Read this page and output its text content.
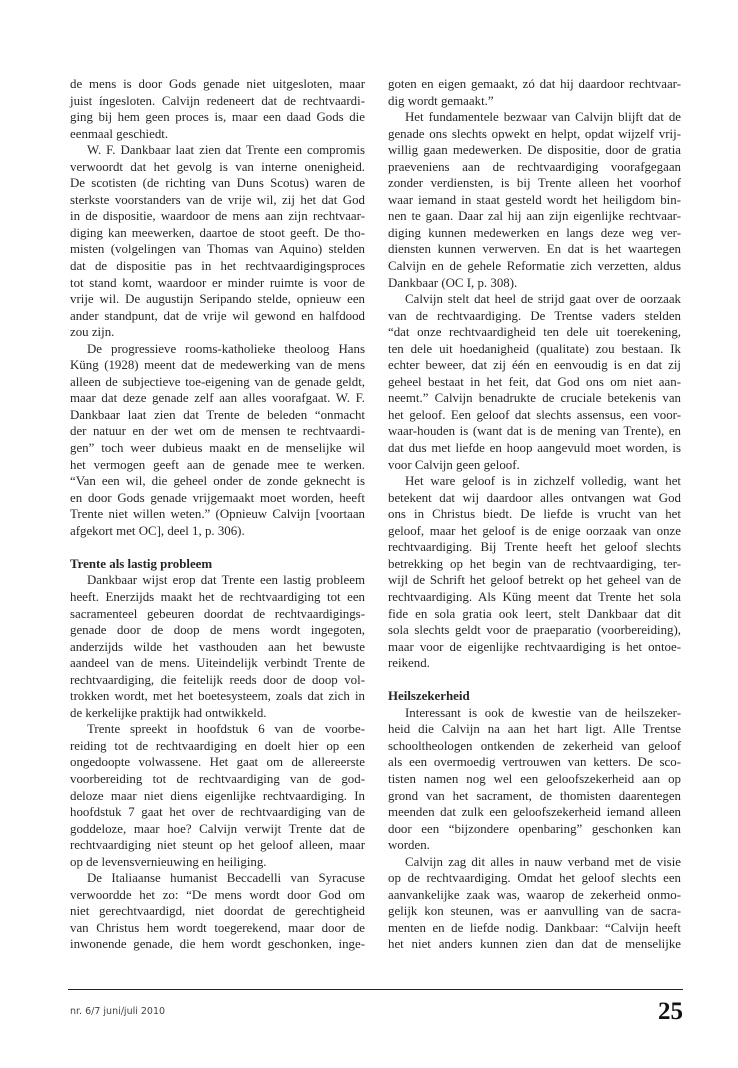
de mens is door Gods genade niet uitgesloten, maar
juist íngesloten. Calvijn redeneert dat de rechtvaardi-
ging bij hem geen proces is, maar een daad Gods die
eenmaal geschiedt.
W. F. Dankbaar laat zien dat Trente een compromis
verwoordt dat het gevolg is van interne onenigheid.
De scotisten (de richting van Duns Scotus) waren de
sterkste voorstanders van de vrije wil, zij het dat God
in de dispositie, waardoor de mens aan zijn rechtvaar-
diging kan meewerken, daartoe de stoot geeft. De tho-
misten (volgelingen van Thomas van Aquino) stelden
dat de dispositie pas in het rechtvaardigingsproces
tot stand komt, waardoor er minder ruimte is voor de
vrije wil. De augustijn Seripando stelde, opnieuw een
ander standpunt, dat de vrije wil gewond en halfdood
zou zijn.
De progressieve rooms-katholieke theoloog Hans
Küng (1928) meent dat de medewerking van de mens
alleen de subjectieve toe-eigening van de genade geldt,
maar dat deze genade zelf aan alles voorafgaat. W. F.
Dankbaar laat zien dat Trente de beleden “onmacht
der natuur en der wet om de mensen te rechtvaardi-
gen” toch weer dubieus maakt en de menselijke wil
het vermogen geeft aan de genade mee te werken.
“Van een wil, die geheel onder de zonde geknecht is
en door Gods genade vrijgemaakt moet worden, heeft
Trente niet willen weten.” (Opnieuw Calvijn [voortaan
afgekort met OC], deel 1, p. 306).
Trente als lastig probleem
Dankbaar wijst erop dat Trente een lastig probleem
heeft. Enerzijds maakt het de rechtvaardiging tot een
sacramenteel gebeuren doordat de rechtvaardigings-
genade door de doop de mens wordt ingegoten,
anderzijds wilde het vasthouden aan het bewuste
aandeel van de mens. Uiteindelijk verbindt Trente de
rechtvaardiging, die feitelijk reeds door de doop vol-
trokken wordt, met het boetesysteem, zoals dat zich in
de kerkelijke praktijk had ontwikkeld.
Trente spreekt in hoofdstuk 6 van de voorbe-
reiding tot de rechtvaardiging en doelt hier op een
ongedoopte volwassene. Het gaat om de allereerste
voorbereiding tot de rechtvaardiging van de god-
deloze maar niet diens eigenlijke rechtvaardiging. In
hoofdstuk 7 gaat het over de rechtvaardiging van de
goddeloze, maar hoe? Calvijn verwijt Trente dat de
rechtvaardiging niet steunt op het geloof alleen, maar
op de levensvernieuwing en heiliging.
De Italiaanse humanist Beccadelli van Syracuse
verwoordde het zo: “De mens wordt door God om
niet gerechtvaardigd, niet doordat de gerechtigheid
van Christus hem wordt toegerekend, maar door de
inwonende genade, die hem wordt geschonken, inge-
goten en eigen gemaakt, zó dat hij daardoor rechtvaar-
dig wordt gemaakt.”
Het fundamentele bezwaar van Calvijn blijft dat de
genade ons slechts opwekt en helpt, opdat wijzelf vrij-
willig gaan medewerken. De dispositie, door de gratia
praeveniens aan de rechtvaardiging voorafgegaan
zonder verdiensten, is bij Trente alleen het voorhof
waar iemand in staat gesteld wordt het heiligdom bin-
nen te gaan. Daar zal hij aan zijn eigenlijke rechtvaar-
diging kunnen medewerken en langs deze weg ver-
diensten kunnen verwerven. En dat is het waartegen
Calvijn en de gehele Reformatie zich verzetten, aldus
Dankbaar (OC I, p. 308).
Calvijn stelt dat heel de strijd gaat over de oorzaak
van de rechtvaardiging. De Trentse vaders stelden
“dat onze rechtvaardigheid ten dele uit toerekening,
ten dele uit hoedanigheid (qualitate) zou bestaan. Ik
echter beweer, dat zij één en eenvoudig is en dat zij
geheel bestaat in het feit, dat God ons om niet aan-
neemt.” Calvijn benadrukte de cruciale betekenis van
het geloof. Een geloof dat slechts assensus, een voor-
waar-houden is (want dat is de mening van Trente), en
dat dus met liefde en hoop aangevuld moet worden, is
voor Calvijn geen geloof.
Het ware geloof is in zichzelf volledig, want het
betekent dat wij daardoor alles ontvangen wat God
ons in Christus biedt. De liefde is vrucht van het
geloof, maar het geloof is de enige oorzaak van onze
rechtvaardiging. Bij Trente heeft het geloof slechts
betrekking op het begin van de rechtvaardiging, ter-
wijl de Schrift het geloof betrekt op het geheel van de
rechtvaardiging. Als Küng meent dat Trente het sola
fide en sola gratia ook leert, stelt Dankbaar dat dit
sola slechts geldt voor de praeparatio (voorbereiding),
maar voor de eigenlijke rechtvaardiging is het ontoe-
reikend.
Heilszekerheid
Interessant is ook de kwestie van de heilszeker-
heid die Calvijn na aan het hart ligt. Alle Trentse
schooltheologen ontkenden de zekerheid van geloof
als een overmoedig vertrouwen van ketters. De sco-
tisten namen nog wel een geloofszekerheid aan op
grond van het sacrament, de thomisten daarentegen
meenden dat zulk een geloofszekerheid iemand alleen
door een “bijzondere openbaring” geschonken kan
worden.
Calvijn zag dit alles in nauw verband met de visie
op de rechtvaardiging. Omdat het geloof slechts een
aanvankelijke zaak was, waarop de zekerheid onmo-
gelijk kon steunen, was er aanvulling van de sacra-
menten en de liefde nodig. Dankbaar: “Calvijn heeft
het niet anders kunnen zien dan dat de menselijke
nr. 6/7 juni/juli 2010	25
